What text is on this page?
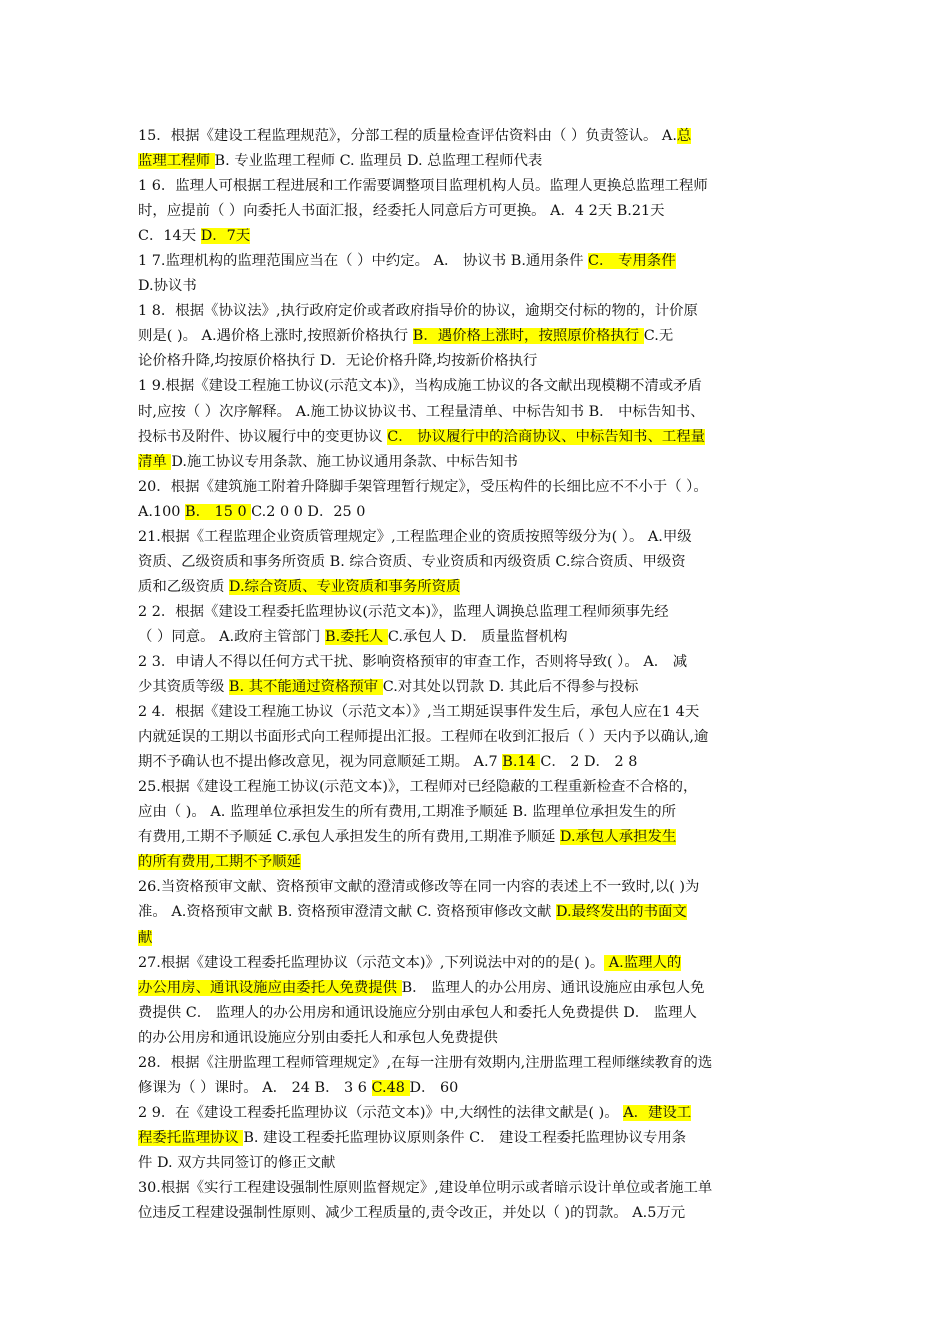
15．根据《建设工程监理规范》，分部工程的质量检查评估资料由（ ）负责签认。 A.总
监理工程师 B. 专业监理工程师 C. 监理员 D. 总监理工程师代表
1 6．监理人可根据工程进展和工作需要调整项目监理机构人员。监理人更换总监理工程师
时，应提前（ ）向委托人书面汇报，经委托人同意后方可更换。 A．4 2天 B.21天
C．14天 D．7天
1 7.监理机构的监理范围应当在（ ）中约定。 A． 协议书 B.通用条件 C． 专用条件
D.协议书
1 8．根据《协议法》,执行政府定价或者政府指导价的协议，逾期交付标的物的，计价原
则是( )。 A.遇价格上涨时,按照新价格执行 B．遇价格上涨时，按照原价格执行 C.无
论价格升降,均按原价格执行 D．无论价格升降,均按新价格执行
1 9.根据《建设工程施工协议(示范文本)》，当构成施工协议的各文献出现模糊不清或矛盾
时,应按（ ）次序解释。 A.施工协议协议书、工程量清单、中标告知书 B． 中标告知书、
投标书及附件、协议履行中的变更协议 C． 协议履行中的洽商协议、中标告知书、工程量
清单 D.施工协议专用条款、施工协议通用条款、中标告知书
20．根据《建筑施工附着升降脚手架管理暂行规定》，受压构件的长细比应不不小于（ ）。
A.100 B． 15 0 C.2 0 0 D．25 0
21.根据《工程监理企业资质管理规定》,工程监理企业的资质按照等级分为( ）。 A.甲级
资质、乙级资质和事务所资质 B. 综合资质、专业资质和丙级资质 C.综合资质、甲级资
质和乙级资质 D.综合资质、专业资质和事务所资质
2 2．根据《建设工程委托监理协议(示范文本)》，监理人调换总监理工程师须事先经
（ ）同意。 A.政府主管部门 B.委托人 C.承包人 D． 质量监督机构
2 3．申请人不得以任何方式干扰、影响资格预审的审查工作，否则将导致( ）。 A． 减
少其资质等级 B. 其不能通过资格预审 C.对其处以罚款 D. 其此后不得参与投标
2 4．根据《建设工程施工协议（示范文本）》,当工期延误事件发生后，承包人应在1 4天
内就延误的工期以书面形式向工程师提出汇报。工程师在收到汇报后（ ）天内予以确认,逾
期不予确认也不提出修改意见，视为同意顺延工期。 A.7 B.14 C． 2 D． 2 8
25.根据《建设工程施工协议(示范文本)》，工程师对已经隐蔽的工程重新检查不合格的，
应由（ )。 A. 监理单位承担发生的所有费用,工期准予顺延 B. 监理单位承担发生的所
有费用,工期不予顺延 C.承包人承担发生的所有费用,工期准予顺延 D.承包人承担发生
的所有费用,工期不予顺延
26.当资格预审文献、资格预审文献的澄清或修改等在同一内容的表述上不一致时,以( )为
准。 A.资格预审文献 B. 资格预审澄清文献 C. 资格预审修改文献 D.最终发出的书面文
献
27.根据《建设工程委托监理协议（示范文本)》,下列说法中对的的是( )。 A.监理人的
办公用房、通讯设施应由委托人免费提供 B． 监理人的办公用房、通讯设施应由承包人免
费提供 C． 监理人的办公用房和通讯设施应分别由承包人和委托人免费提供 D． 监理人
的办公用房和通讯设施应分别由委托人和承包人免费提供
28．根据《注册监理工程师管理规定》,在每一注册有效期内,注册监理工程师继续教育的选
修课为（ ）课时。 A． 24 B． 3 6 C.48 D． 60
2 9．在《建设工程委托监理协议（示范文本)》中,大纲性的法律文献是( )。 A．建设工
程委托监理协议 B. 建设工程委托监理协议原则条件 C． 建设工程委托监理协议专用条
件 D. 双方共同签订的修正文献
30.根据《实行工程建设强制性原则监督规定》,建设单位明示或者暗示设计单位或者施工单
位违反工程建设强制性原则、减少工程质量的,责令改正，并处以（ )的罚款。 A.5万元
